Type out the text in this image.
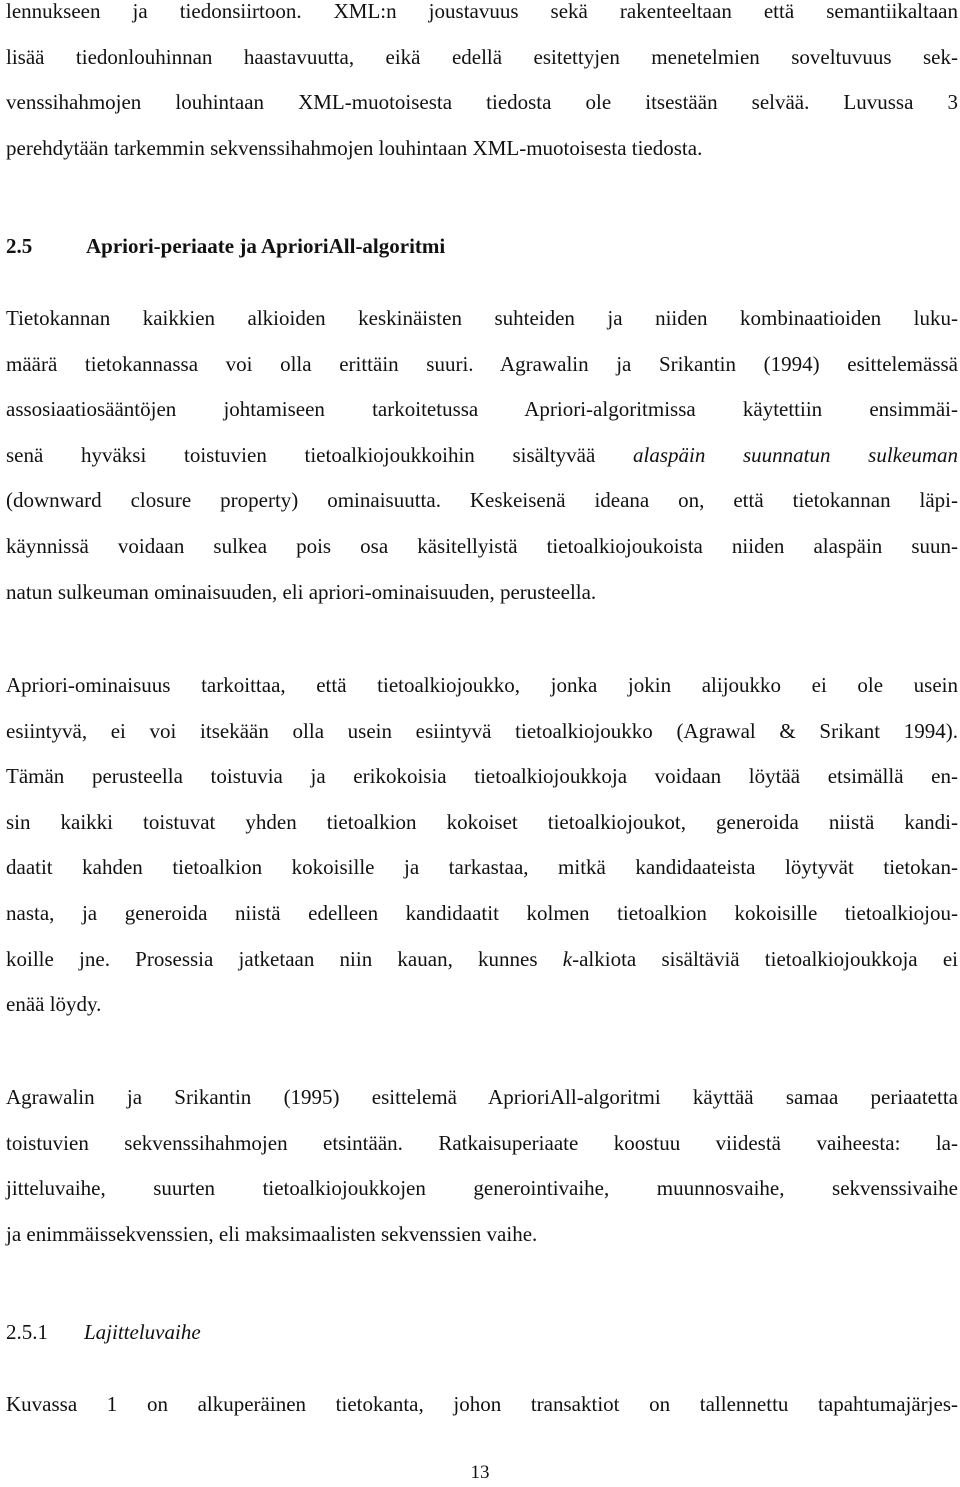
lennukseen ja tiedonsiirtoon. XML:n joustavuus sekä rakenteeltaan että semantiikaltaan
lisää tiedonlouhinnan haastavuutta, eikä edellä esitettyjen menetelmien soveltuvuus sek-
venssihahmojen louhintaan XML-muotoisesta tiedosta ole itsestään selvää. Luvussa 3
perehdytään tarkemmin sekvenssihahmojen louhintaan XML-muotoisesta tiedosta.
2.5	Apriori-periaate ja AprioriAll-algoritmi
Tietokannan kaikkien alkioiden keskinäisten suhteiden ja niiden kombinaatioiden luku-
määrä tietokannassa voi olla erittäin suuri. Agrawalin ja Srikantin (1994) esittelemässä
assosiaatiosääntöjen johtamiseen tarkoitetussa Apriori-algoritmissa käytettiin ensimmäi-
senä hyväksi toistuvien tietoalkiojoukkoihin sisältyvää alaspäin suunnatun sulkeuman
(downward closure property) ominaisuutta. Keskeisenä ideana on, että tietokannan läpi-
käynnissä voidaan sulkea pois osa käsitellyistä tietoalkiojoukoista niiden alaspäin suun-
natun sulkeuman ominaisuuden, eli apriori-ominaisuuden, perusteella.
Apriori-ominaisuus tarkoittaa, että tietoalkiojoukko, jonka jokin alijoukko ei ole usein
esiintyvä, ei voi itsekään olla usein esiintyvä tietoalkiojoukko (Agrawal & Srikant 1994).
Tämän perusteella toistuvia ja erikokoisia tietoalkiojoukkoja voidaan löytää etsimällä en-
sin kaikki toistuvat yhden tietoalkion kokoiset tietoalkiojoukot, generoida niistä kandi-
daatit kahden tietoalkion kokoisille ja tarkastaa, mitkä kandidaateista löytyvät tietokan-
nasta, ja generoida niistä edelleen kandidaatit kolmen tietoalkion kokoisille tietoalkiojou-
koille jne. Prosessia jatketaan niin kauan, kunnes k-alkiota sisältäviä tietoalkiojoukkoja ei
enää löydy.
Agrawalin ja Srikantin (1995) esittelemä AprioriAll-algoritmi käyttää samaa periaatetta
toistuvien sekvenssihahmojen etsintään. Ratkaisuperiaate koostuu viidestä vaiheesta: la-
jitteluvaihe, suurten tietoalkiojoukkojen generointivaihe, muunnosvaihe, sekvenssivaihe
ja enimmäissekvenssien, eli maksimaalisten sekvenssien vaihe.
2.5.1 Lajitteluvaihe
Kuvassa 1 on alkuperäinen tietokanta, johon transaktiot on tallennettu tapahtumajärjes-
13
